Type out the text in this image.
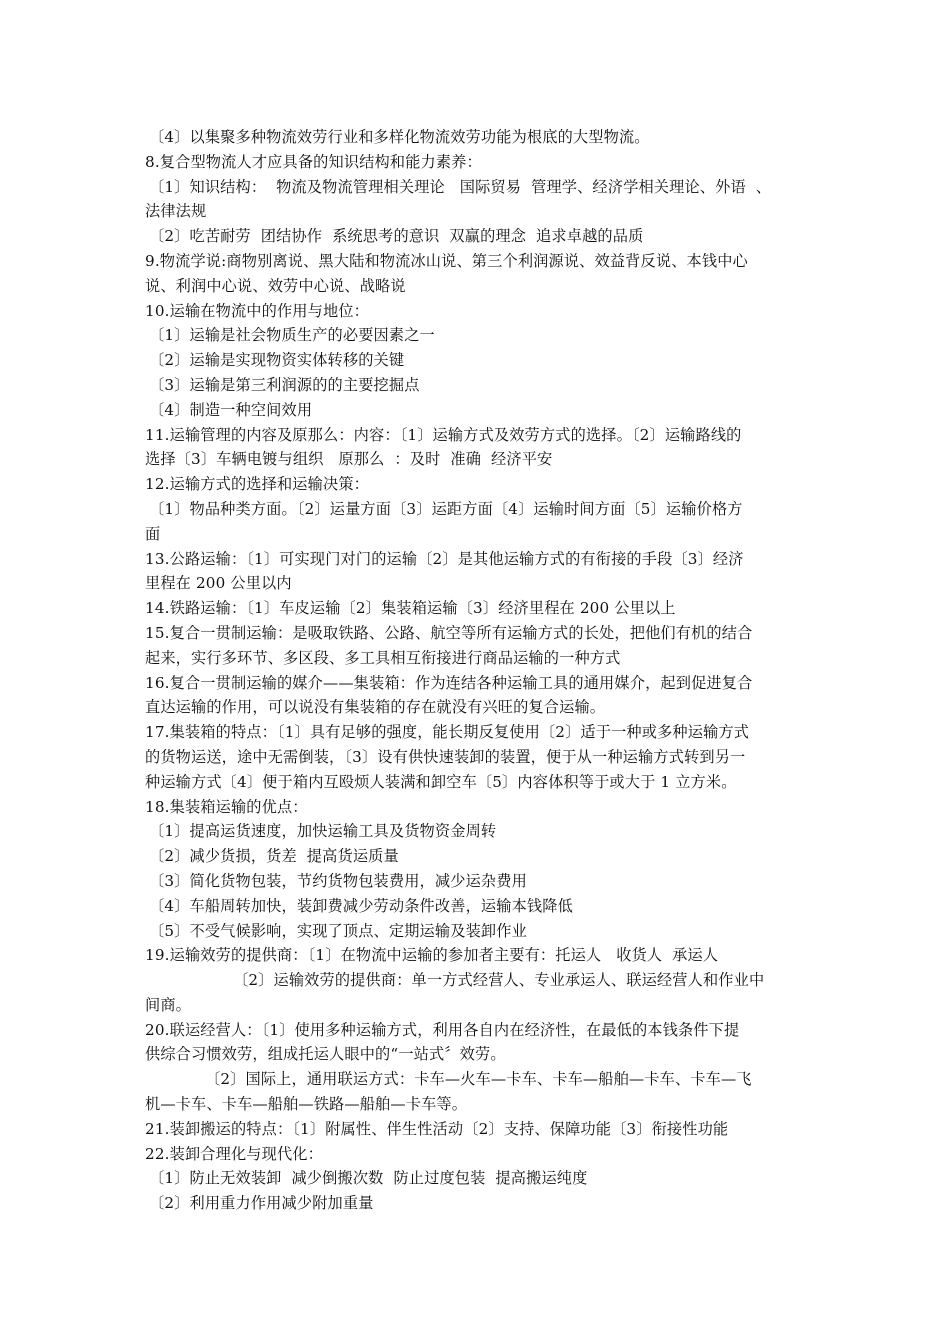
〔4〕以集聚多种物流效劳行业和多样化物流效劳功能为根底的大型物流。
8.复合型物流人才应具备的知识结构和能力素养：
〔1〕知识结构：  物流及物流管理相关理论   国际贸易  管理学、经济学相关理论、外语  、
法律法规
〔2〕吃苦耐劳  团结协作  系统思考的意识  双赢的理念  追求卓越的品质
9.物流学说:商物别离说、黑大陆和物流冰山说、第三个利润源说、效益背反说、本钱中心
说、利润中心说、效劳中心说、战略说
10.运输在物流中的作用与地位：
〔1〕运输是社会物质生产的必要因素之一
〔2〕运输是实现物资实体转移的关键
〔3〕运输是第三利润源的的主要挖掘点
〔4〕制造一种空间效用
11.运输管理的内容及原那么：内容：〔1〕运输方式及效劳方式的选择。〔2〕运输路线的
选择〔3〕车辆电镀与组织   原那么  ：及时  准确  经济平安
12.运输方式的选择和运输决策：
〔1〕物品种类方面。〔2〕运量方面〔3〕运距方面〔4〕运输时间方面〔5〕运输价格方
面
13.公路运输：〔1〕可实现门对门的运输〔2〕是其他运输方式的有衔接的手段〔3〕经济
里程在 200 公里以内
14.铁路运输：〔1〕车皮运输〔2〕集装箱运输〔3〕经济里程在 200 公里以上
15.复合一贯制运输：是吸取铁路、公路、航空等所有运输方式的长处，把他们有机的结合
起来，实行多环节、多区段、多工具相互衔接进行商品运输的一种方式
16.复合一贯制运输的媒介——集装箱：作为连结各种运输工具的通用媒介，起到促进复合
直达运输的作用，可以说没有集装箱的存在就没有兴旺的复合运输。
17.集装箱的特点：〔1〕具有足够的强度，能长期反复使用〔2〕适于一种或多种运输方式
的货物运送，途中无需倒装，〔3〕设有供快速装卸的装置，便于从一种运输方式转到另一
种运输方式〔4〕便于箱内互殴烦人装满和卸空车〔5〕内容体积等于或大于 1 立方米。
18.集装箱运输的优点：
〔1〕提高运货速度，加快运输工具及货物资金周转
〔2〕减少货损，货差  提高货运质量
〔3〕简化货物包装，节约货物包装费用，减少运杂费用
〔4〕车船周转加快，装卸费减少劳动条件改善，运输本钱降低
〔5〕不受气候影响，实现了顶点、定期运输及装卸作业
19.运输效劳的提供商：〔1〕在物流中运输的参加者主要有：托运人   收货人  承运人
〔2〕运输效劳的提供商：单一方式经营人、专业承运人、联运经营人和作业中
间商。
20.联运经营人：〔1〕使用多种运输方式，利用各自内在经济性，在最低的本钱条件下提
供综合习惯效劳，组成托运人眼中的“一站式〞效劳。
〔2〕国际上，通用联运方式：卡车—火车—卡车、卡车—船舶—卡车、卡车—飞
机—卡车、卡车—船舶—铁路—船舶—卡车等。
21.装卸搬运的特点：〔1〕附属性、伴生性活动〔2〕支持、保障功能〔3〕衔接性功能
22.装卸合理化与现代化：
〔1〕防止无效装卸  减少倒搬次数  防止过度包装  提高搬运纯度
〔2〕利用重力作用减少附加重量
